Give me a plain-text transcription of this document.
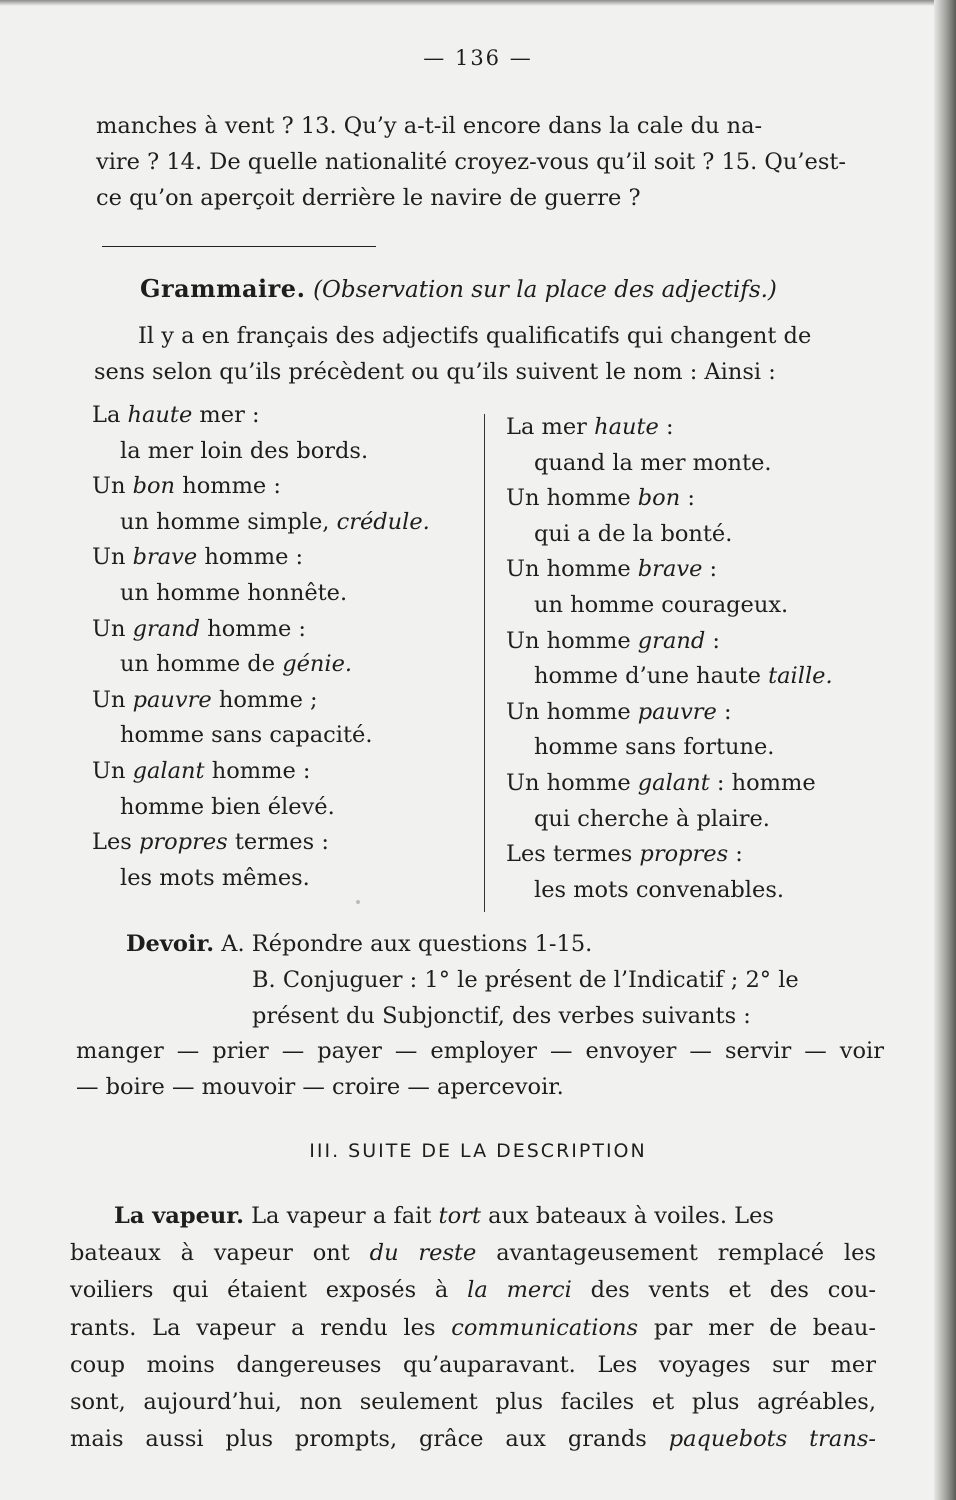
— 136 —
manches à vent ? 13. Qu’y a-t-il encore dans la cale du na-
vire ? 14. De quelle nationalité croyez-vous qu’il soit ? 15. Qu’est-
ce qu’on aperçoit derrière le navire de guerre ?
Grammaire. (Observation sur la place des adjectifs.)
Il y a en français des adjectifs qualificatifs qui changent de
sens selon qu’ils précèdent ou qu’ils suivent le nom : Ainsi :
La haute mer :
la mer loin des bords.
Un bon homme :
un homme simple, crédule.
Un brave homme :
un homme honnête.
Un grand homme :
un homme de génie.
Un pauvre homme ;
homme sans capacité.
Un galant homme :
homme bien élevé.
Les propres termes :
les mots mêmes.
La mer haute :
quand la mer monte.
Un homme bon :
qui a de la bonté.
Un homme brave :
un homme courageux.
Un homme grand :
homme d’une haute taille.
Un homme pauvre :
homme sans fortune.
Un homme galant : homme
qui cherche à plaire.
Les termes propres :
les mots convenables.
Devoir. A. Répondre aux questions 1-15.
B. Conjuguer : 1° le présent de l’Indicatif ; 2° le
présent du Subjonctif, des verbes suivants :
manger — prier — payer — employer — envoyer — servir — voir
— boire — mouvoir — croire — apercevoir.
III. SUITE DE LA DESCRIPTION
La vapeur. La vapeur a fait tort aux bateaux à voiles. Les
bateaux à vapeur ont du reste avantageusement remplacé les
voiliers qui étaient exposés à la merci des vents et des cou-
rants. La vapeur a rendu les communications par mer de beau-
coup moins dangereuses qu’auparavant. Les voyages sur mer
sont, aujourd’hui, non seulement plus faciles et plus agréables,
mais aussi plus prompts, grâce aux grands paquebots trans-
